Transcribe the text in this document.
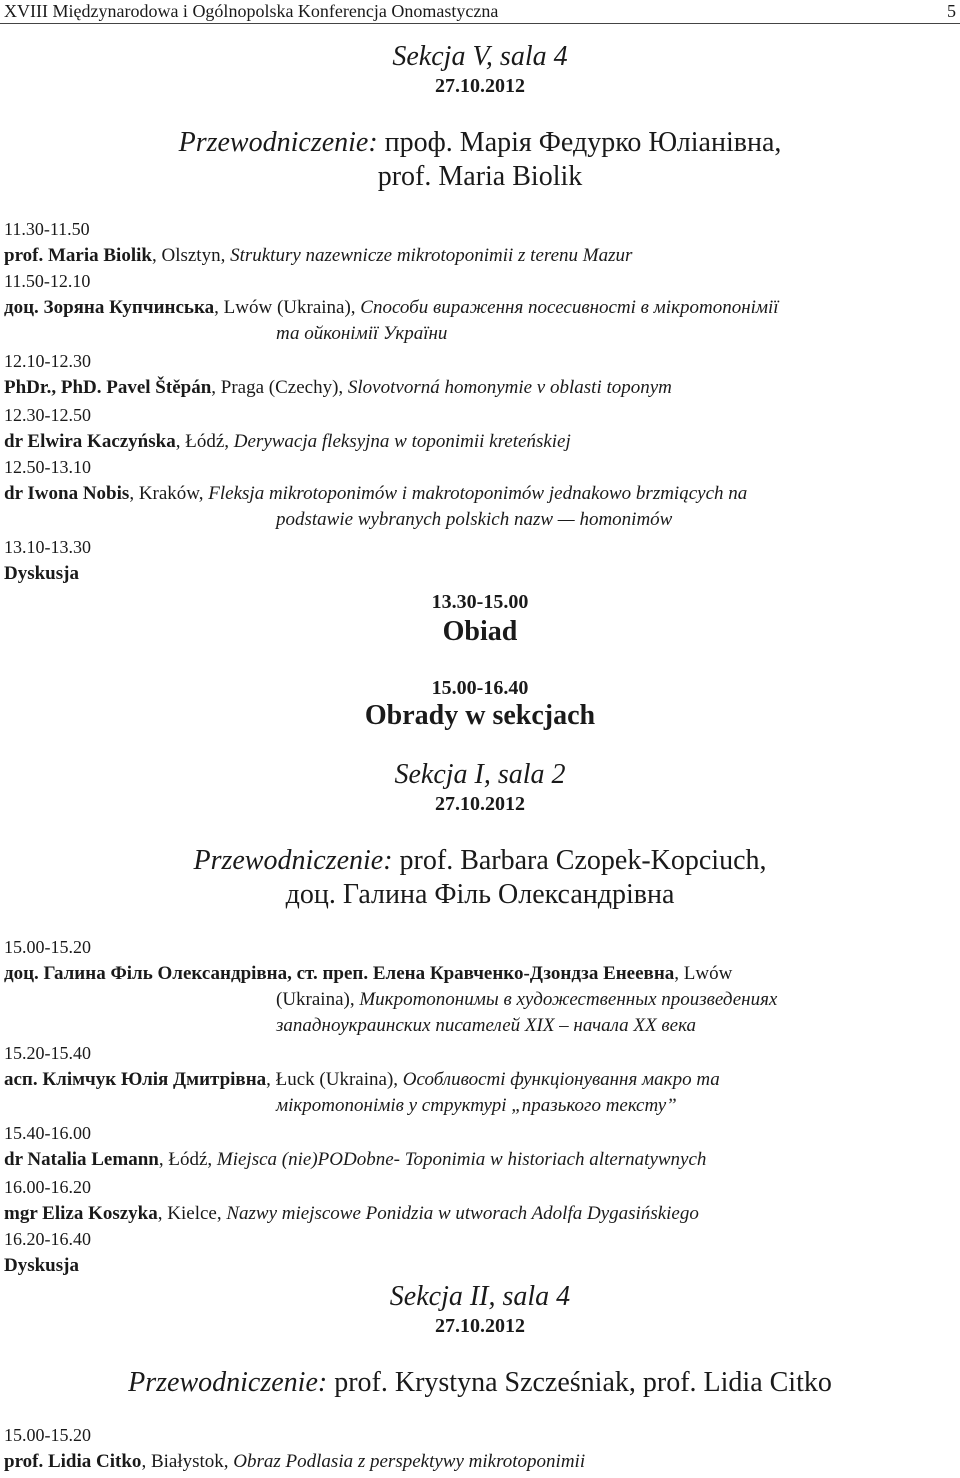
XVIII Międzynarodowa i Ogólnopolska Konferencja Onomastyczna	5
Sekcja V, sala 4
27.10.2012
Przewodniczenie: проф. Марія Федурко Юліанівна,
prof. Maria Biolik
11.30-11.50
prof. Maria Biolik, Olsztyn, Struktury nazewnicze mikrotoponimii z terenu Mazur
11.50-12.10
доц. Зоряна Купчинська, Lwów (Ukraina), Способи вираження посесивності в мікротопонімії
та ойконімії України
12.10-12.30
PhDr., PhD. Pavel Štěpán, Praga (Czechy), Slovotvorná homonymie v oblasti toponym
12.30-12.50
dr Elwira Kaczyńska, Łódź, Derywacja fleksyjna w toponimii kreteńskiej
12.50-13.10
dr Iwona Nobis, Kraków, Fleksja mikrotoponimów i makrotoponimów jednakowo brzmiących na
podstawie wybranych polskich nazw — homonimów
13.10-13.30
Dyskusja
13.30-15.00
Obiad
15.00-16.40
Obrady w sekcjach
Sekcja I, sala 2
27.10.2012
Przewodniczenie: prof. Barbara Czopek-Kopciuch,
доц. Галина Філь Олександрівна
15.00-15.20
доц. Галина Філь Олександрівна, ст. преп. Елена Кравченко-Дзондза Енеевна, Lwów
(Ukraina), Микротопонимы в художественных произведениях
западноукраинских писателей XIX – начала XX века
15.20-15.40
асп. Клімчук Юлія Дмитрівна, Łuck (Ukraina), Особливості функціонування макро та
мікротопонімів у структурі „празького тексту”
15.40-16.00
dr Natalia Lemann, Łódź, Miejsca (nie)PODobne- Toponimia w historiach alternatywnych
16.00-16.20
mgr Eliza Koszyka, Kielce, Nazwy miejscowe Ponidzia w utworach Adolfa Dygasińskiego
16.20-16.40
Dyskusja
Sekcja II, sala 4
27.10.2012
Przewodniczenie: prof. Krystyna Szcześniak, prof. Lidia Citko
15.00-15.20
prof. Lidia Citko, Białystok, Obraz Podlasia z perspektywy mikrotoponimii
